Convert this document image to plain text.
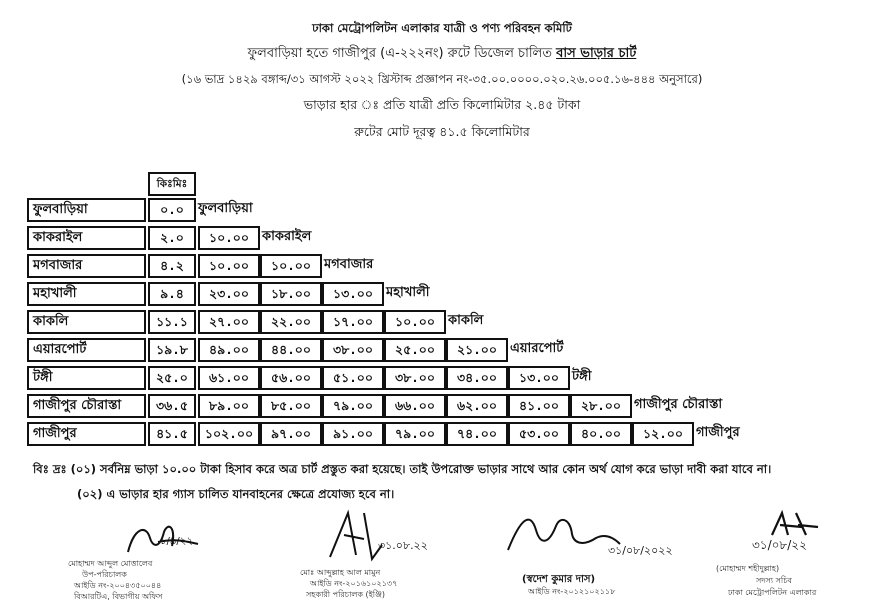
ঢাকা মেট্রোপলিটন এলাকার যাত্রী ও পণ্য পরিবহন কমিটি
ফুলবাড়িয়া হতে গাজীপুর (এ-২২২নং) রুটে ডিজেল চালিত বাস ভাড়ার চার্ট
(১৬ ভাদ্র ১৪২৯ বঙ্গাব্দ/৩১ আগস্ট ২০২২ খ্রিস্টাব্দ প্রজ্ঞাপন নং-৩৫.০০.০০০০.০২০.২৬.০০৫.১৬-৪৪৪ অনুসারে)
ভাড়ার হার ঃ প্রতি যাত্রী প্রতি কিলোমিটার ২.৪৫ টাকা
রুটের মোট দূরত্ব ৪১.৫ কিলোমিটার
কিঃমিঃ
ফুলবাড়িয়া	০.০	ফুলবাড়িয়া
কাকরাইল	২.০	১০.০০ কাকরাইল
মগবাজার	৪.২	১০.০০	১০.০০ মগবাজার
মহাখালী	৯.৪	২৩.০০	১৮.০০	১৩.০০ মহাখালী
কাকলি	১১.১	২৭.০০	২২.০০	১৭.০০	১০.০০ কাকলি
এয়ারপোর্ট	১৯.৮	৪৯.০০	৪৪.০০	৩৮.০০	২৫.০০	২১.০০ এয়ারপোর্ট
টঙ্গী	২৫.০	৬১.০০	৫৬.০০	৫১.০০	৩৮.০০	৩৪.০০	১৩.০০ টঙ্গী
গাজীপুর চৌরাস্তা	৩৬.৫	৮৯.০০	৮৫.০০	৭৯.০০	৬৬.০০	৬২.০০	৪১.০০	২৮.০০ গাজীপুর চৌরাস্তা
গাজীপুর	৪১.৫	১০২.০০	৯৭.০০	৯১.০০	৭৯.০০	৭৪.০০	৫৩.০০	৪০.০০	১২.০০ গাজীপুর
বিঃ দ্রঃ (০১) সর্বনিম্ন ভাড়া ১০.০০ টাকা হিসাব করে অত্র চার্ট প্রস্তুত করা হয়েছে। তাই উপরোক্ত ভাড়ার সাথে আর কোন অর্থ যোগ করে ভাড়া দাবী করা যাবে না।
(০২) এ ভাড়ার হার গ্যাস চালিত যানবাহনের ক্ষেত্রে প্রযোজ্য হবে না।
১/৯/২২
মোহাম্মদ আব্দুল মোত্তালেব
উপ-পরিচালক
আইডি নং-২০০৪৩৫০০৪৪
বিআরটিএ, বিভাগীয় অফিস
৩১.০৮.২২
মোঃ আব্দুল্লাহ আল মামুন
আইডি নং-২০১৬১০২১৩৭
সহকারী পরিচালক (ইঞ্জি)
৩১/০৮/২০২২
(স্বদেশ কুমার দাস)
আইডি নং-২০১২১০২১১৮
৩১/০৮/২২
(মোহাম্মদ শহীদুল্লাহ)
সদস্য সচিব
ঢাকা মেট্রোপলিটন এলাকার
